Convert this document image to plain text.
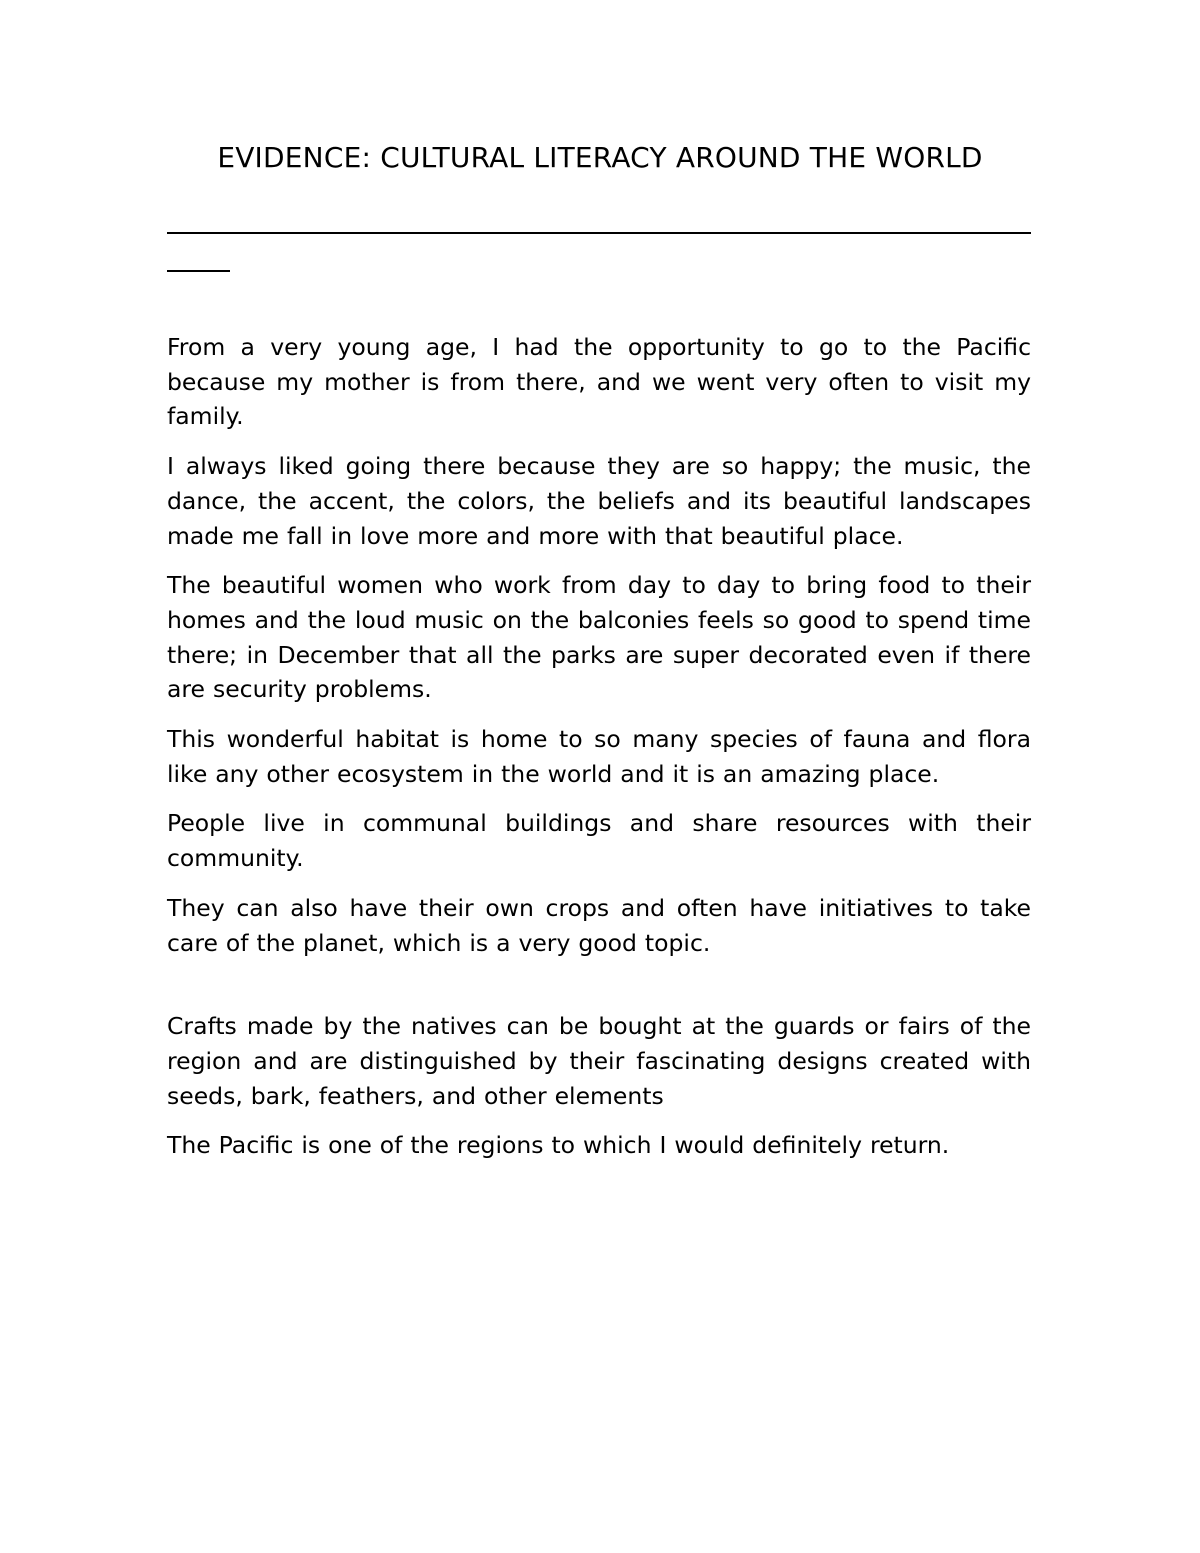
EVIDENCE: CULTURAL LITERACY AROUND THE WORLD

From a very young age, I had the opportunity to go to the Pacific because my mother is from there, and we went very often to visit my family.

I always liked going there because they are so happy; the music, the dance, the accent, the colors, the beliefs and its beautiful landscapes made me fall in love more and more with that beautiful place.

The beautiful women who work from day to day to bring food to their homes and the loud music on the balconies feels so good to spend time there; in December that all the parks are super decorated even if there are security problems.

This wonderful habitat is home to so many species of fauna and flora like any other ecosystem in the world and it is an amazing place.

People live in communal buildings and share resources with their community.

They can also have their own crops and often have initiatives to take care of the planet, which is a very good topic.

Crafts made by the natives can be bought at the guards or fairs of the region and are distinguished by their fascinating designs created with seeds, bark, feathers, and other elements

The Pacific is one of the regions to which I would definitely return.
